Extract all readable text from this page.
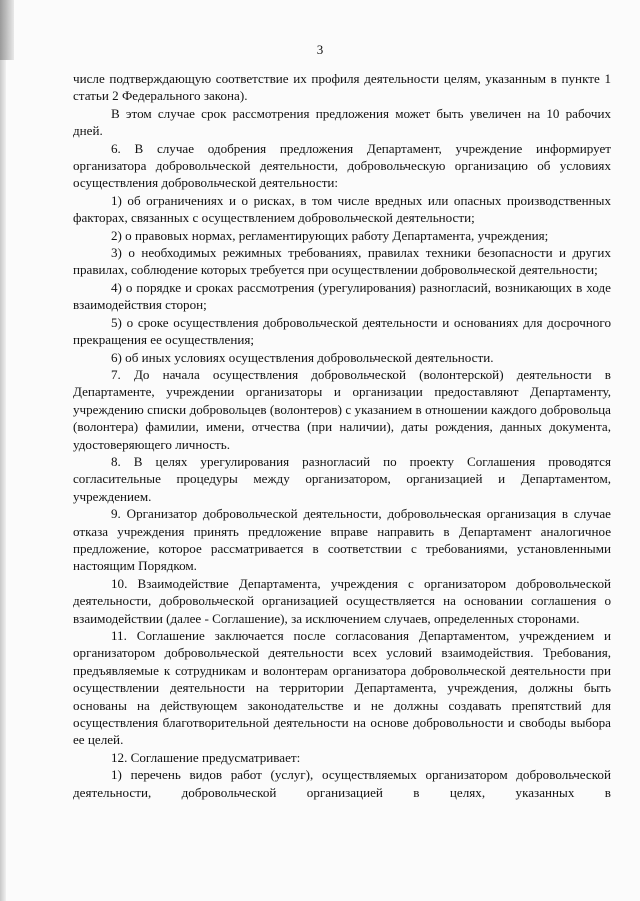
3

числе подтверждающую соответствие их профиля деятельности целям, указанным в пункте 1 статьи 2 Федерального закона).

В этом случае срок рассмотрения предложения может быть увеличен на 10 рабочих дней.

6. В случае одобрения предложения Департамент, учреждение информирует организатора добровольческой деятельности, добровольческую организацию об условиях осуществления добровольческой деятельности:

1) об ограничениях и о рисках, в том числе вредных или опасных производственных факторах, связанных с осуществлением добровольческой деятельности;

2) о правовых нормах, регламентирующих работу Департамента, учреждения;

3) о необходимых режимных требованиях, правилах техники безопасности и других правилах, соблюдение которых требуется при осуществлении добровольческой деятельности;

4) о порядке и сроках рассмотрения (урегулирования) разногласий, возникающих в ходе взаимодействия сторон;

5) о сроке осуществления добровольческой деятельности и основаниях для досрочного прекращения ее осуществления;

6) об иных условиях осуществления добровольческой деятельности.

7. До начала осуществления добровольческой (волонтерской) деятельности в Департаменте, учреждении организаторы и организации предоставляют Департаменту, учреждению списки добровольцев (волонтеров) с указанием в отношении каждого добровольца (волонтера) фамилии, имени, отчества (при наличии), даты рождения, данных документа, удостоверяющего личность.

8. В целях урегулирования разногласий по проекту Соглашения проводятся согласительные процедуры между организатором, организацией и Департаментом, учреждением.

9. Организатор добровольческой деятельности, добровольческая организация в случае отказа учреждения принять предложение вправе направить в Департамент аналогичное предложение, которое рассматривается в соответствии с требованиями, установленными настоящим Порядком.

10. Взаимодействие Департамента, учреждения с организатором добровольческой деятельности, добровольческой организацией осуществляется на основании соглашения о взаимодействии (далее - Соглашение), за исключением случаев, определенных сторонами.

11. Соглашение заключается после согласования Департаментом, учреждением и организатором добровольческой деятельности всех условий взаимодействия. Требования, предъявляемые к сотрудникам и волонтерам организатора добровольческой деятельности при осуществлении деятельности на территории Департамента, учреждения, должны быть основаны на действующем законодательстве и не должны создавать препятствий для осуществления благотворительной деятельности на основе добровольности и свободы выбора ее целей.

12. Соглашение предусматривает:

1) перечень видов работ (услуг), осуществляемых организатором добровольческой деятельности, добровольческой организацией в целях, указанных в
